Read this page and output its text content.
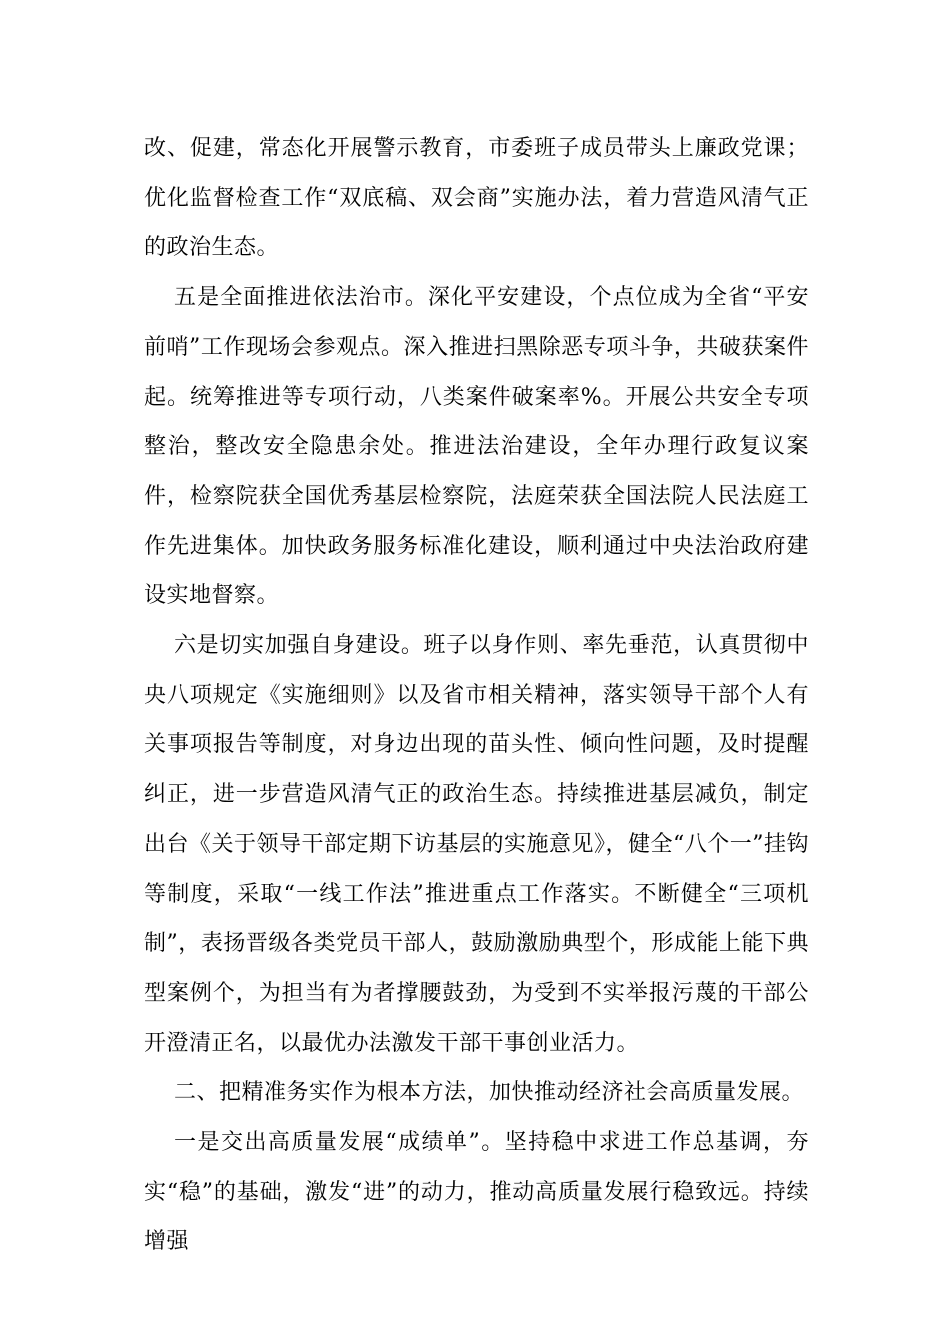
改、促建，常态化开展警示教育，市委班子成员带头上廉政党课；优化监督检查工作“双底稿、双会商”实施办法，着力营造风清气正的政治生态。

五是全面推进依法治市。深化平安建设，个点位成为全省“平安前哨”工作现场会参观点。深入推进扫黑除恶专项斗争，共破获案件起。统筹推进等专项行动，八类案件破案率%。开展公共安全专项整治，整改安全隐患余处。推进法治建设，全年办理行政复议案件，检察院获全国优秀基层检察院，法庭荣获全国法院人民法庭工作先进集体。加快政务服务标准化建设，顺利通过中央法治政府建设实地督察。

六是切实加强自身建设。班子以身作则、率先垂范，认真贯彻中央八项规定《实施细则》以及省市相关精神，落实领导干部个人有关事项报告等制度，对身边出现的苗头性、倾向性问题，及时提醒纠正，进一步营造风清气正的政治生态。持续推进基层减负，制定出台《关于领导干部定期下访基层的实施意见》，健全“八个一”挂钩等制度，采取“一线工作法”推进重点工作落实。不断健全“三项机制”，表扬晋级各类党员干部人，鼓励激励典型个，形成能上能下典型案例个，为担当有为者撑腰鼓劲，为受到不实举报污蔑的干部公开澄清正名，以最优办法激发干部干事创业活力。

二、把精准务实作为根本方法，加快推动经济社会高质量发展。

一是交出高质量发展“成绩单”。坚持稳中求进工作总基调，夯实“稳”的基础，激发“进”的动力，推动高质量发展行稳致远。持续增强
